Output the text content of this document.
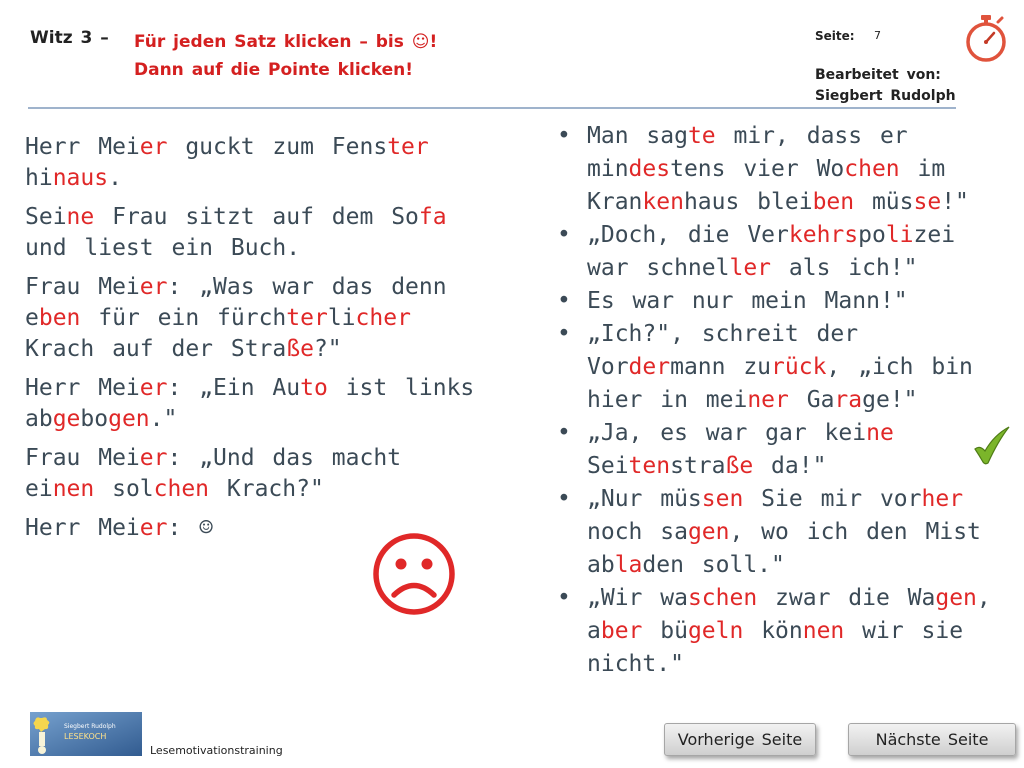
Witz 3 – Für jeden Satz klicken – bis ☺!
Dann auf die Pointe klicken!
Seite: 7
Bearbeitet von:
Siegbert Rudolph

Herr Meier guckt zum Fenster hinaus.

Seine Frau sitzt auf dem Sofa und liest ein Buch.

Frau Meier: „Was war das denn eben für ein fürchterlicher Krach auf der Straße?"

Herr Meier: „Ein Auto ist links abgebogen."

Frau Meier: „Und das macht einen solchen Krach?"

Herr Meier: ☺

• Man sagte mir, dass er mindestens vier Wochen im Krankenhaus bleiben müsse!"
• „Doch, die Verkehrspolizei war schneller als ich!"
• Es war nur mein Mann!"
• „Ich?", schreit der Vordermann zurück, „ich bin hier in meiner Garage!"
• „Ja, es war gar keine Seitenstraße da!"
• „Nur müssen Sie mir vorher noch sagen, wo ich den Mist abladen soll."
• „Wir waschen zwar die Wagen, aber bügeln können wir sie nicht."
Siegbert Rudolph
LESEKOCH
Lesemotivationstraining
Vorherige Seite	Nächste Seite
